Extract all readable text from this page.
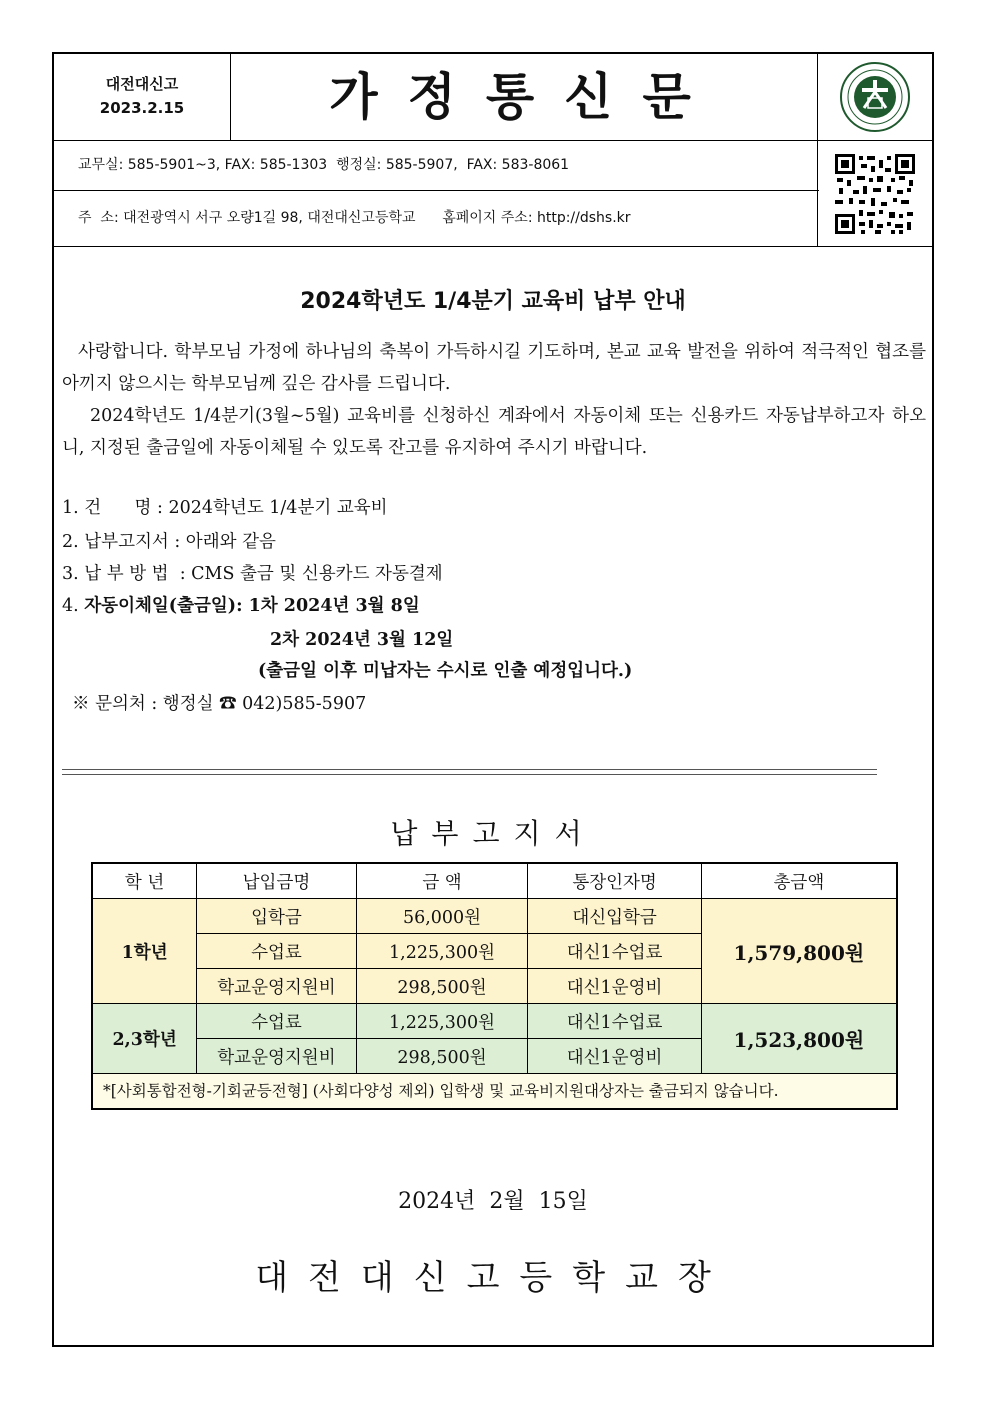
대전대신고
2023.2.15	가정통신문
교무실: 585-5901~3, FAX: 585-1303  행정실: 585-5907,  FAX: 583-8061
주  소: 대전광역시 서구 오량1길 98, 대전대신고등학교      홈페이지 주소: http://dshs.kr
2024학년도 1/4분기 교육비 납부 안내
사랑합니다. 학부모님 가정에 하나님의 축복이 가득하시길 기도하며, 본교 교육 발전을 위하여 적극적인 협조를 아끼지 않으시는 학부모님께 깊은 감사를 드립니다.
2024학년도 1/4분기(3월~5월) 교육비를 신청하신 계좌에서 자동이체 또는 신용카드 자동납부하고자 하오니, 지정된 출금일에 자동이체될 수 있도록 잔고를 유지하여 주시기 바랍니다.
1. 건      명 : 2024학년도 1/4분기 교육비
2. 납부고지서 : 아래와 같음
3. 납 부 방 법  : CMS 출금 및 신용카드 자동결제
4. 자동이체일(출금일): 1차 2024년 3월 8일
2차 2024년 3월 12일
(출금일 이후 미납자는 수시로 인출 예정입니다.)
※ 문의처 : 행정실 ☎ 042)585-5907
납부고지서
학 년	납입금명	금 액	통장인자명	총금액
1학년	입학금	56,000원	대신입학금	1,579,800원
	수업료	1,225,300원	대신1수업료	
	학교운영지원비	298,500원	대신1운영비	
2,3학년	수업료	1,225,300원	대신1수업료	1,523,800원
	학교운영지원비	298,500원	대신1운영비	
*[사회통합전형-기회균등전형] (사회다양성 제외) 입학생 및 교육비지원대상자는 출금되지 않습니다.				
2024년  2월  15일
대전대신고등학교장
